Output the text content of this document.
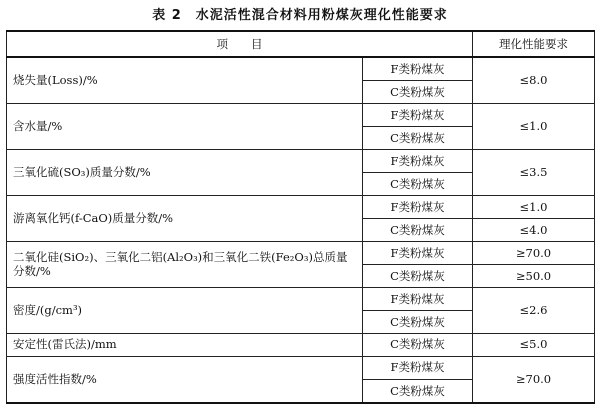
表 2　水泥活性混合材料用粉煤灰理化性能要求
项　　目		理化性能要求
烧失量(Loss)/%	F类粉煤灰	≤8.0
	C类粉煤灰	
含水量/%	F类粉煤灰	≤1.0
	C类粉煤灰	
三氧化硫(SO₃)质量分数/%	F类粉煤灰	≤3.5
	C类粉煤灰	
游离氧化钙(f-CaO)质量分数/%	F类粉煤灰	≤1.0
	C类粉煤灰	≤4.0
二氧化硅(SiO₂)、三氧化二铝(Al₂O₃)和三氧化二铁(Fe₂O₃)总质量分数/%	F类粉煤灰	≥70.0
	C类粉煤灰	≥50.0
密度/(g/cm³)	F类粉煤灰	≤2.6
	C类粉煤灰	
安定性(雷氏法)/mm	C类粉煤灰	≤5.0
强度活性指数/%	F类粉煤灰	≥70.0
	C类粉煤灰	
